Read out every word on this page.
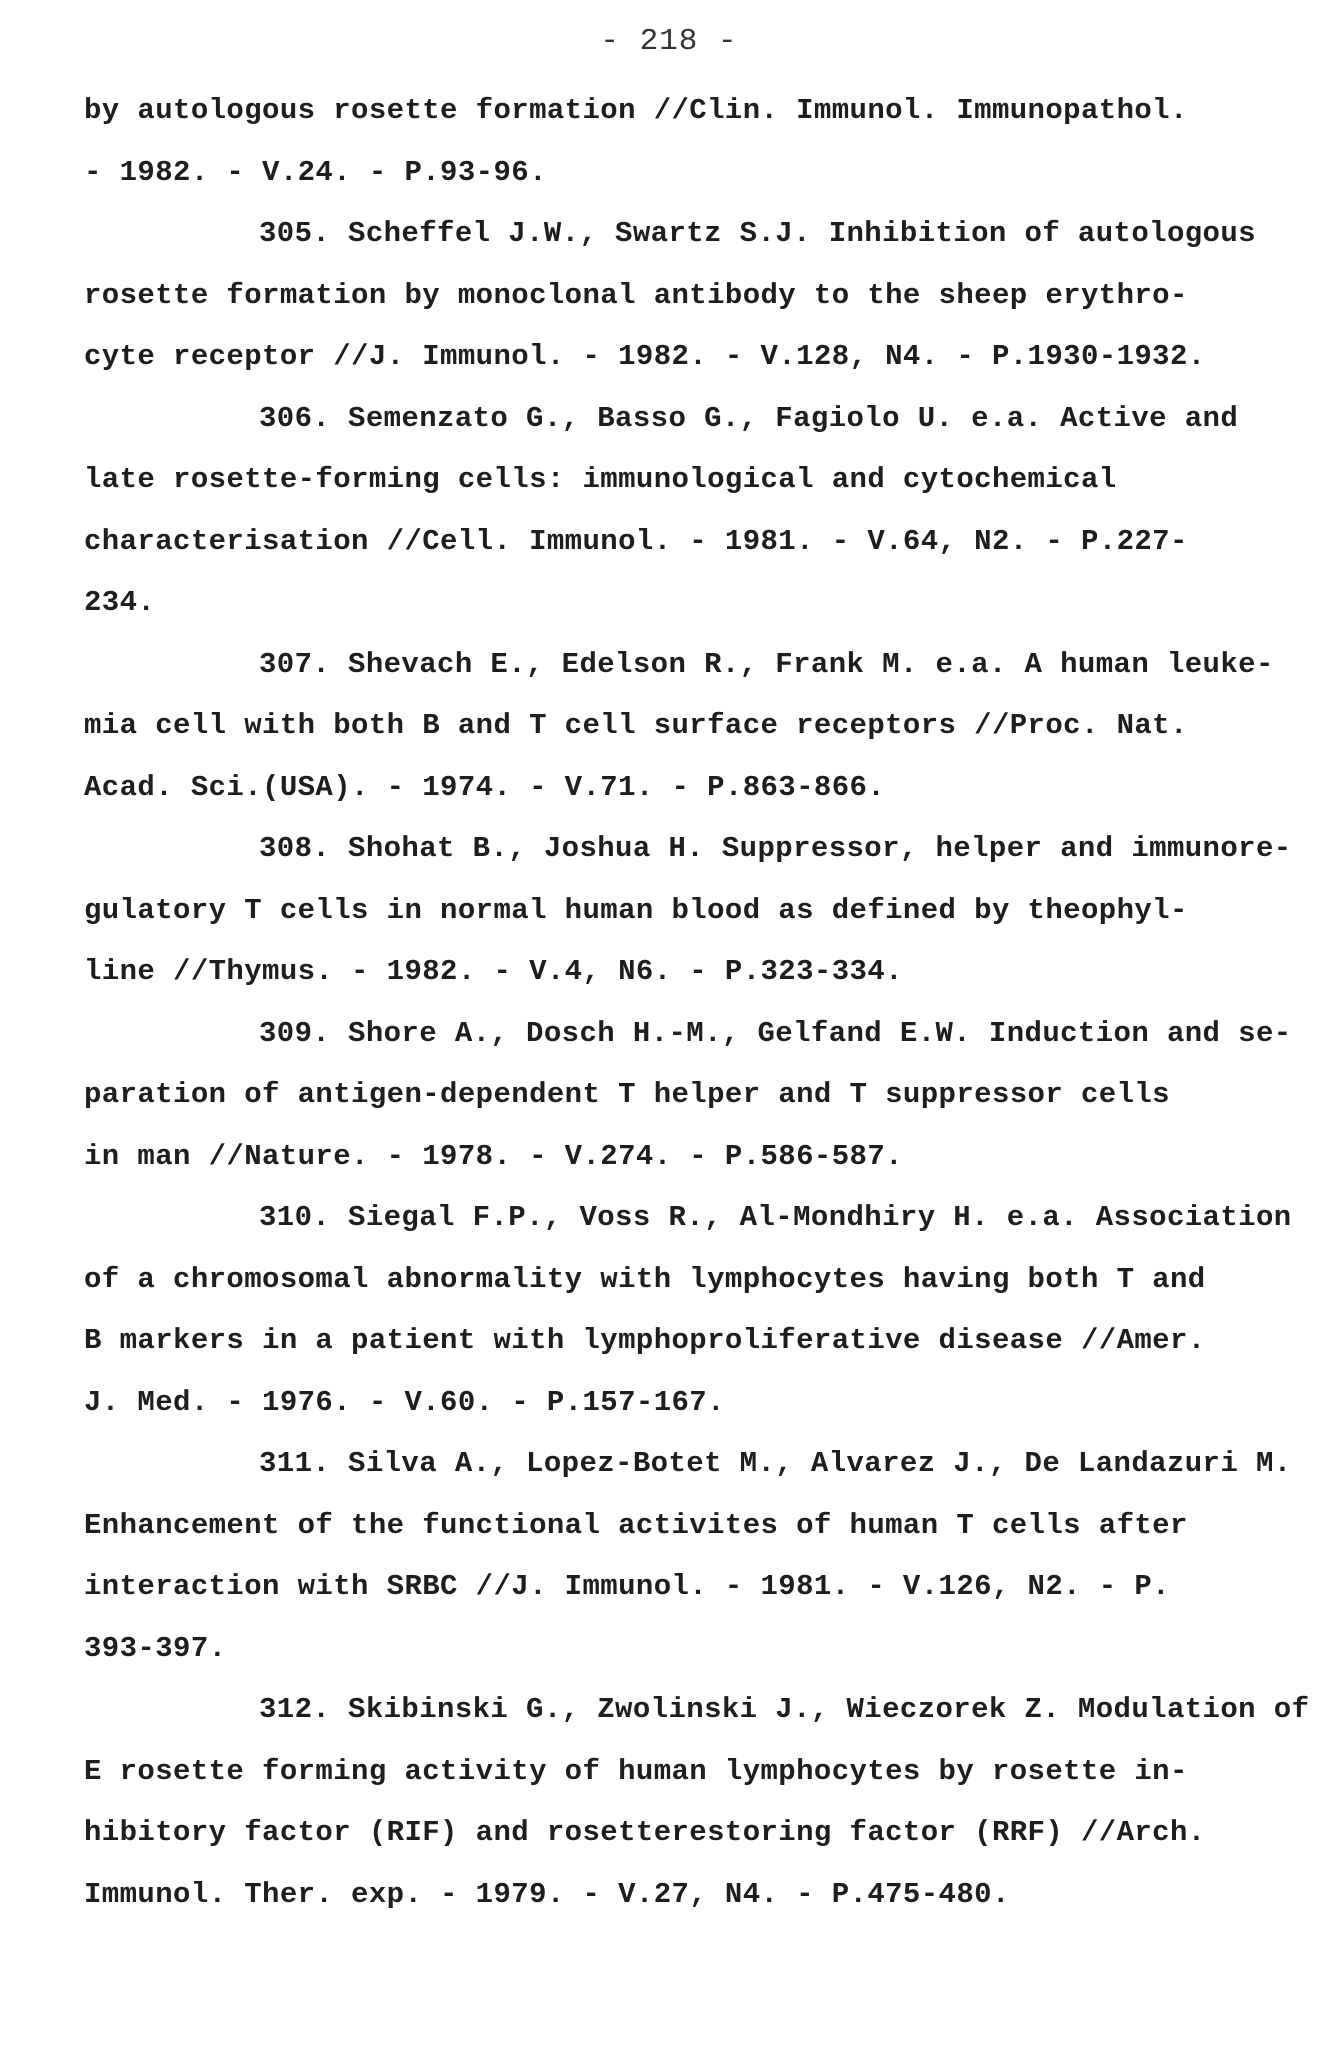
- 218 -
by autologous rosette formation //Clin. Immunol. Immunopathol.
- 1982. - V.24. - P.93-96.
305. Scheffel J.W., Swartz S.J. Inhibition of autologous
rosette formation by monoclonal antibody to the sheep erythro-
cyte receptor //J. Immunol. - 1982. - V.128, N4. - P.1930-1932.
306. Semenzato G., Basso G., Fagiolo U. e.a. Active and
late rosette-forming cells: immunological and cytochemical
characterisation //Cell. Immunol. - 1981. - V.64, N2. - P.227-
234.
307. Shevach E., Edelson R., Frank M. e.a. A human leuke-
mia cell with both B and T cell surface receptors //Proc. Nat.
Acad. Sci.(USA). - 1974. - V.71. - P.863-866.
308. Shohat B., Joshua H. Suppressor, helper and immunore-
gulatory T cells in normal human blood as defined by theophyl-
line //Thymus. - 1982. - V.4, N6. - P.323-334.
309. Shore A., Dosch H.-M., Gelfand E.W. Induction and se-
paration of antigen-dependent T helper and T suppressor cells
in man //Nature. - 1978. - V.274. - P.586-587.
310. Siegal F.P., Voss R., Al-Mondhiry H. e.a. Association
of a chromosomal abnormality with lymphocytes having both T and
B markers in a patient with lymphoproliferative disease //Amer.
J. Med. - 1976. - V.60. - P.157-167.
311. Silva A., Lopez-Botet M., Alvarez J., De Landazuri M.
Enhancement of the functional activites of human T cells after
interaction with SRBC //J. Immunol. - 1981. - V.126, N2. - P.
393-397.
312. Skibinski G., Zwolinski J., Wieczorek Z. Modulation of
E rosette forming activity of human lymphocytes by rosette in-
hibitory factor (RIF) and rosetterestoring factor (RRF) //Arch.
Immunol. Ther. exp. - 1979. - V.27, N4. - P.475-480.
